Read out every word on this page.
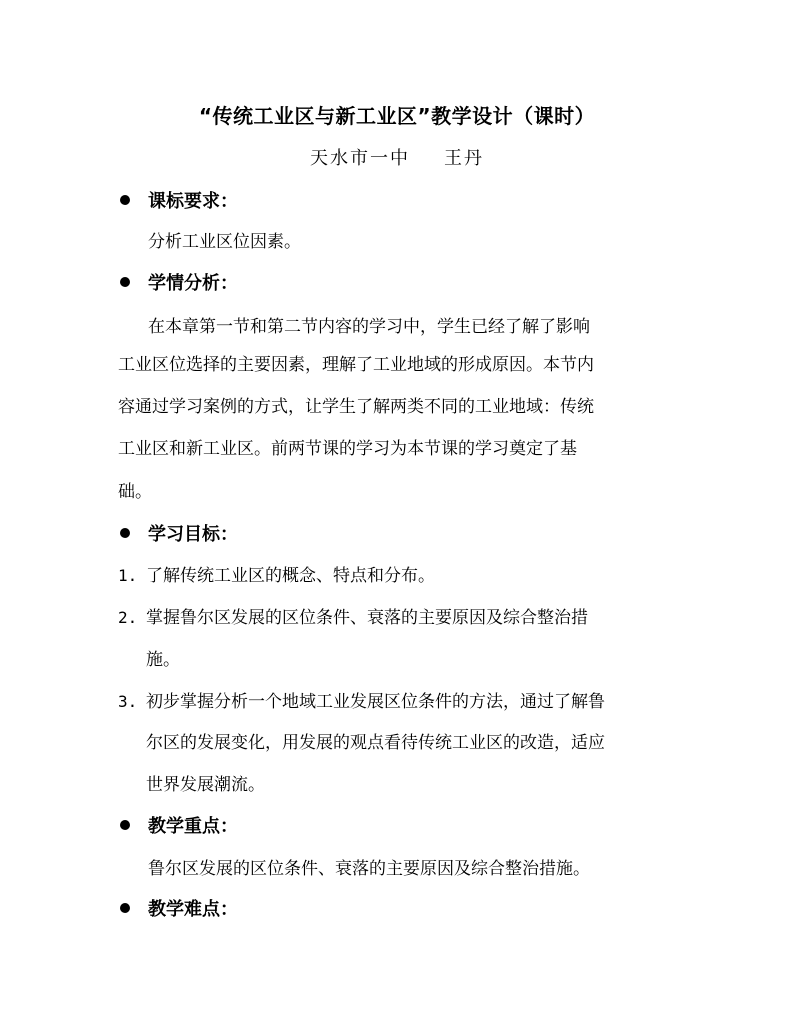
“传统工业区与新工业区”教学设计（课时）
天水市一中 王丹
课标要求：
分析工业区位因素。
学情分析：
在本章第一节和第二节内容的学习中，学生已经了解了影响
工业区位选择的主要因素，理解了工业地域的形成原因。本节内
容通过学习案例的方式，让学生了解两类不同的工业地域：传统
工业区和新工业区。前两节课的学习为本节课的学习奠定了基
础。
学习目标：
1. 了解传统工业区的概念、特点和分布。
2. 掌握鲁尔区发展的区位条件、衰落的主要原因及综合整治措
施。
3. 初步掌握分析一个地域工业发展区位条件的方法，通过了解鲁
尔区的发展变化，用发展的观点看待传统工业区的改造，适应
世界发展潮流。
教学重点：
鲁尔区发展的区位条件、衰落的主要原因及综合整治措施。
教学难点：
